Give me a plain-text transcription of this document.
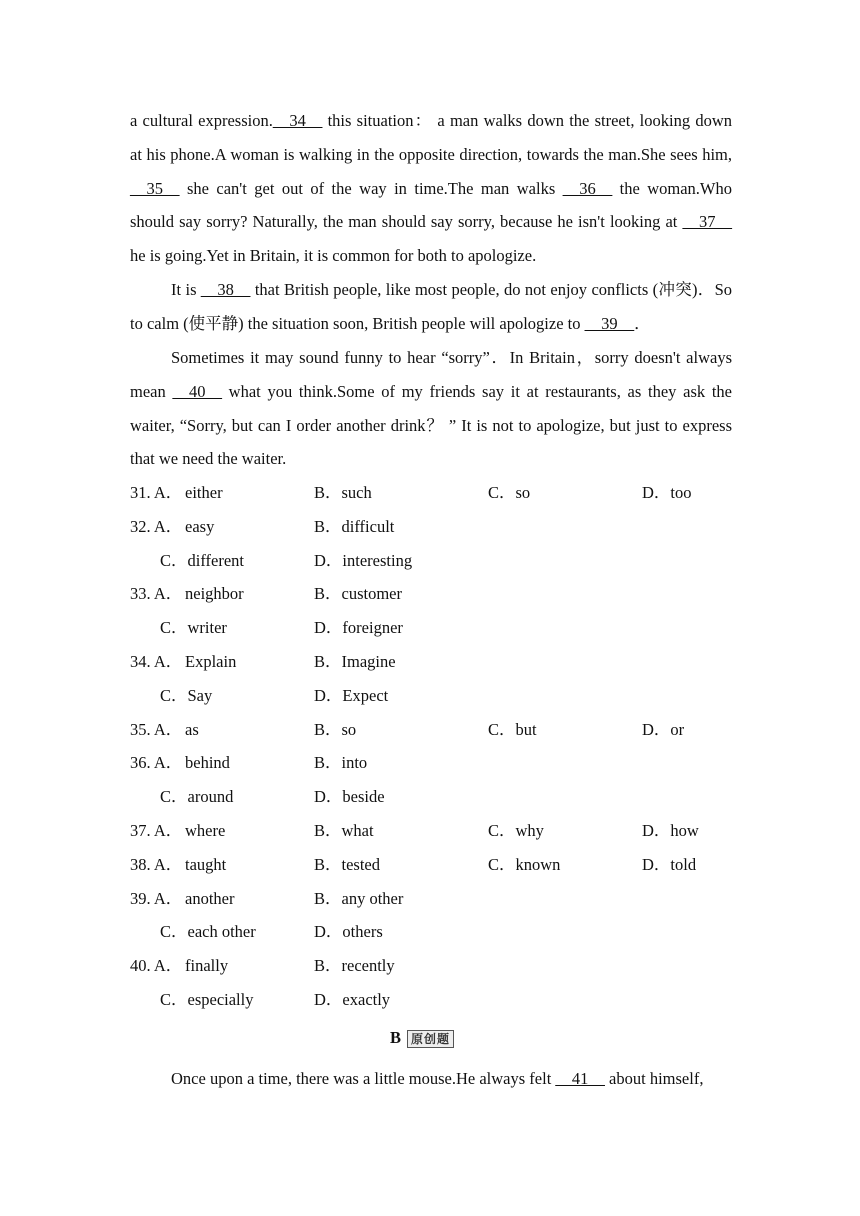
a cultural expression.__34__ this situation： a man walks down the street, looking down at his phone.A woman is walking in the opposite direction, towards the man.She sees him, __35__ she can't get out of the way in time.The man walks __36__ the woman.Who should say sorry? Naturally, the man should say sorry, because he isn't looking at __37__ he is going.Yet in Britain, it is common for both to apologize.

It is __38__ that British people, like most people, do not enjoy conflicts (冲突)．So to calm (使平静) the situation soon, British people will apologize to __39__．

Sometimes it may sound funny to hear “sorry”．In Britain，sorry doesn't always mean __40__ what you think.Some of my friends say it at restaurants, as they ask the waiter, “Sorry, but can I order another drink？ ” It is not to apologize, but just to express that we need the waiter.

31. A． either	B．such	C．so	D．too
32. A． easy	B．difficult
C．different	D．interesting
33. A． neighbor	B．customer
C．writer	D．foreigner
34. A． Explain	B．Imagine
C．Say	D．Expect
35. A． as	B．so	C．but	D．or
36. A． behind	B．into
C．around	D．beside
37. A． where	B．what	C．why	D．how
38. A． taught	B．tested	C．known	D．told
39. A． another	B．any other
C．each other	D．others
40. A． finally	B．recently
C．especially	D．exactly
B 原创题
Once upon a time, there was a little mouse.He always felt __41__ about himself,
